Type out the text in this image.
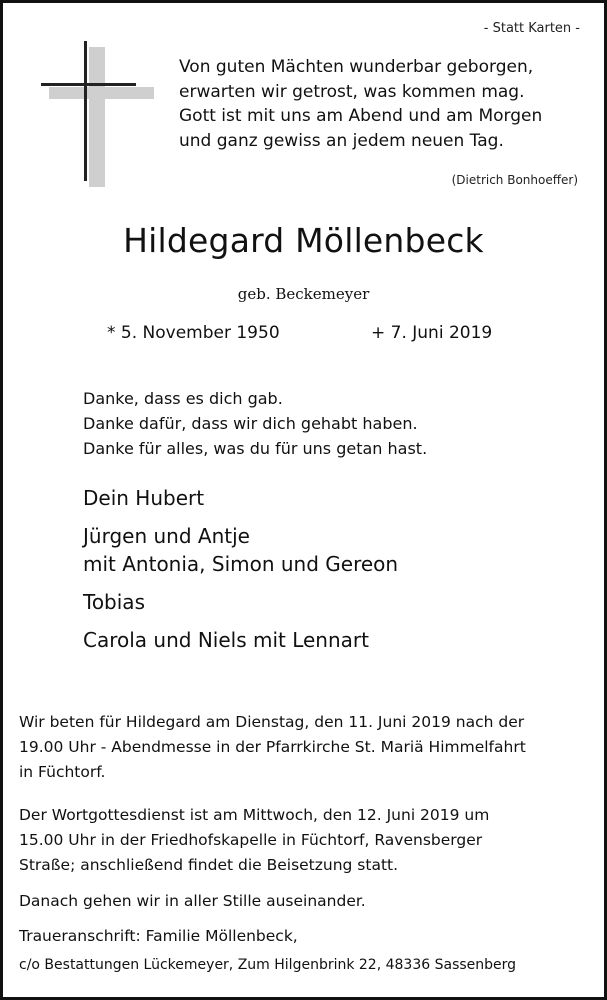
- Statt Karten -
Von guten Mächten wunderbar geborgen,
erwarten wir getrost, was kommen mag.
Gott ist mit uns am Abend und am Morgen
und ganz gewiss an jedem neuen Tag.
(Dietrich Bonhoeffer)
Hildegard Möllenbeck
geb. Beckemeyer
* 5. November 1950	+ 7. Juni 2019
Danke, dass es dich gab.
Danke dafür, dass wir dich gehabt haben.
Danke für alles, was du für uns getan hast.
Dein Hubert
Jürgen und Antje
mit Antonia, Simon und Gereon
Tobias
Carola und Niels mit Lennart
Wir beten für Hildegard am Dienstag, den 11. Juni 2019 nach der
19.00 Uhr - Abendmesse in der Pfarrkirche St. Mariä Himmelfahrt
in Füchtorf.
Der Wortgottesdienst ist am Mittwoch, den 12. Juni 2019 um
15.00 Uhr in der Friedhofskapelle in Füchtorf, Ravensberger
Straße; anschließend findet die Beisetzung statt.
Danach gehen wir in aller Stille auseinander.
Traueranschrift: Familie Möllenbeck,
c/o Bestattungen Lückemeyer, Zum Hilgenbrink 22, 48336 Sassenberg
